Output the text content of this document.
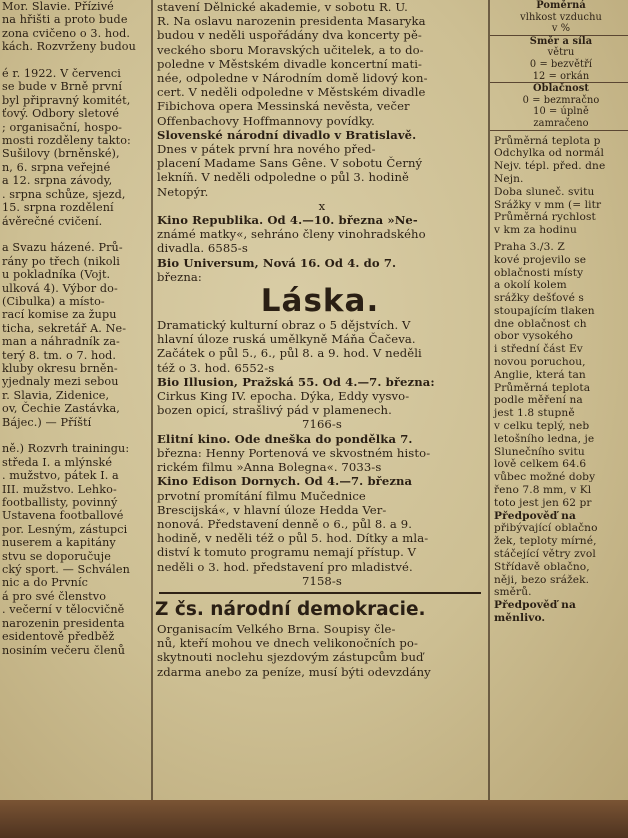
Mor. Slavie. Přízivé
na hřišti a proto bude
zona cvičeno o 3. hod.
kách. Rozvrženy budou

é r. 1922. V červenci
se bude v Brně první
byl připravný komitét,
ťový. Odbory sletové
; organisační, hospo-
mosti rozděleny takto:
Sušilovy (brněnské),
n, 6. srpna veřejné
a 12. srpna závody,
. srpna schůze, sjezd,
15. srpna rozdělení
ávěrečné cvičení.

a Svazu házené. Prů-
rány po třech (nikoli
u pokladníka (Vojt.
ulková 4). Výbor do-
(Cibulka) a místo-
rací komise za župu
ticha, sekretář A. Ne-
man a náhradník za-
terý 8. tm. o 7. hod.
kluby okresu brněn-
yjednaly mezi sebou
r. Slavia, Zidenice,
ov, Čechie Zastávka,
Bájec.) — Příští

ně.) Rozvrh trainingu:
středa I. a mlýnské
. mužstvo, pátek I. a
III. mužstvo. Lehko-
footballisty, povinný
Ustavena footballové
por. Lesným, zástupci
nuserem a kapitány
stvu se doporučuje
cký sport. — Schválen
nic a do Prvníc
á pro své členstvo
. večerní v tělocvičně
narozenin presidenta
esidentově předběž
nosiním večeru členů
stavení Dělnické akademie, v sobotu R. U.
R. Na oslavu narozenin presidenta Masaryka
budou v neděli uspořádány dva koncerty pě-
veckého sboru Moravských učitelek, a to do-
poledne v Městském divadle koncertní mati-
née, odpoledne v Národním domě lidový kon-
cert. V neděli odpoledne v Městském divadle
Fibichova opera Messinská nevěsta, večer
Offenbachovy Hoffmannovy povídky.
Slovenské národní divadlo v Bratislavě.
Dnes v pátek první hra nového před-
placení Madame Sans Gêne. V sobotu Černý
lekníň. V neděli odpoledne o půl 3. hodině
Netopýr.
x
Kino Republika. Od 4.—10. března »Ne-
známé matky«, sehráno členy vinohradského
divadla. 6585-s
Bio Universum, Nová 16. Od 4. do 7.
března:
Láska.
Dramatický kulturní obraz o 5 dějstvích. V
hlavní úloze ruská umělkyně Máňa Čačeva.
Začátek o půl 5., 6., půl 8. a 9. hod. V neděli
též o 3. hod. 6552-s
Bio Illusion, Pražská 55. Od 4.—7. března:
Cirkus King IV. epocha. Dýka, Eddy vysvo-
bozen opicí, strašlivý pád v plamenech.
7166-s
Elitní kino. Ode dneška do pondělka 7.
března: Henny Portenová ve skvostném histo-
rickém filmu »Anna Bolegna«. 7033-s
Kino Edison Dornych. Od 4.—7. března
prvotní promítání filmu Mučednice
Brescijská«, v hlavní úloze Hedda Ver-
nonová. Představení denně o 6., půl 8. a 9.
hodině, v neděli též o půl 5. hod. Dítky a mla-
diství k tomuto programu nemají přístup. V
neděli o 3. hod. představení pro mladistvé.
7158-s
Z čs. národní demokracie.
Organisacím Velkého Brna. Soupisy čle-
nů, kteří mohou ve dnech velikonočních po-
skytnouti noclehu sjezdovým zástupcům buď
zdarma anebo za peníze, musí býti odevzdány
Poměrná
vlhkost vzduchu
v %
Směr a síla
větru
0 = bezvětří
12 = orkán
Oblačnost
0 = bezmračno
10 = úplně
zamračeno
Průměrná teplota p
Odchylka od normál
Nejv. tépl. před. dne
Nejn.
Doba sluneč. svitu
Srážky v mm (= litr
Průměrná rychlost
v km za hodinu
Praha 3./3. Z
kové projevilo se
oblačnosti místy
a okolí kolem
srážky dešťové s
stoupajícím tlaken
dne oblačnost ch
obor vysokého
i střední část Ev
novou poruchou,
Anglie, která tan
Průměrná teplota
podle měření na
jest 1.8 stupně
v celku teplý, neb
letošního ledna, je
Slunečního svitu
lově celkem 64.6
vůbec možné doby
řeno 7.8 mm, v Kl
toto jest jen 62 pr
Předpověď na
přibývající oblačno
žek, teploty mírné,
stáčející větry zvol
Střídavě oblačno,
něji, bezo srážek.
směrů.
Předpověď na
měnlivo.
